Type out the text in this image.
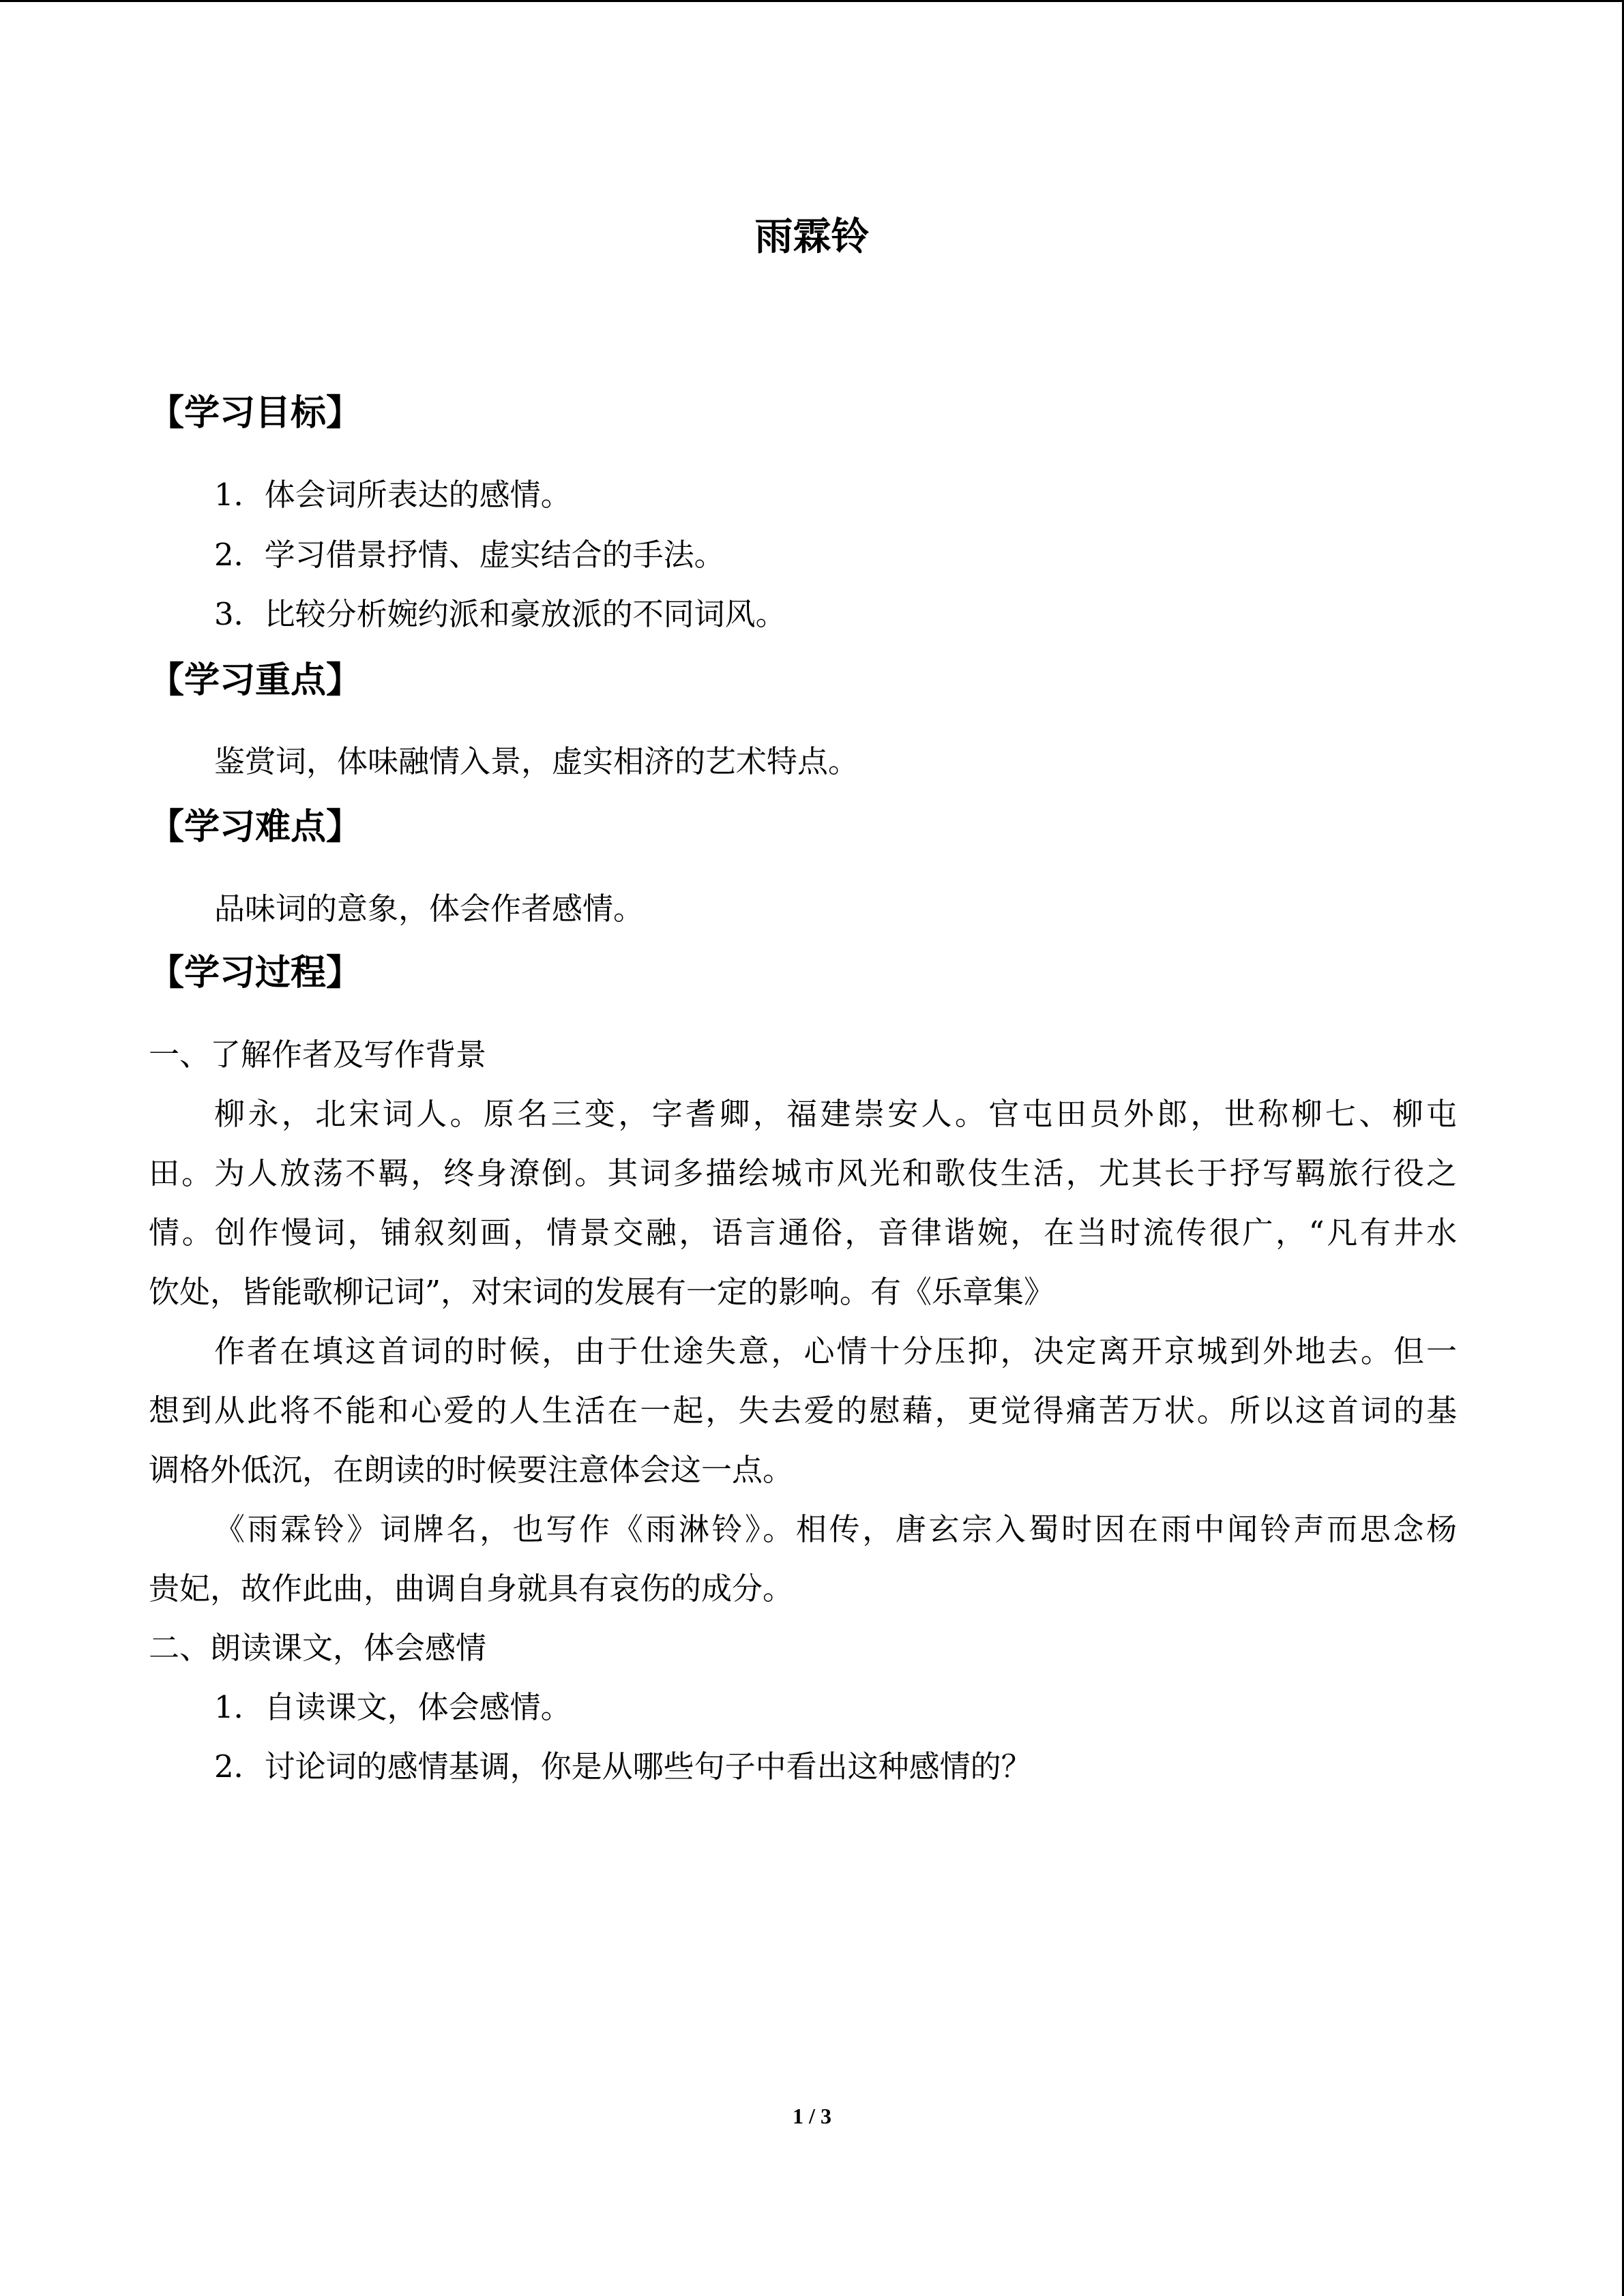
雨霖铃
【学习目标】
1．体会词所表达的感情。
2．学习借景抒情、虚实结合的手法。
3．比较分析婉约派和豪放派的不同词风。
【学习重点】
鉴赏词，体味融情入景，虚实相济的艺术特点。
【学习难点】
品味词的意象，体会作者感情。
【学习过程】
一、了解作者及写作背景
柳永，北宋词人。原名三变，字耆卿，福建崇安人。官屯田员外郎，世称柳七、柳屯
田。为人放荡不羁，终身潦倒。其词多描绘城市风光和歌伎生活，尤其长于抒写羁旅行役之
情。创作慢词，铺叙刻画，情景交融，语言通俗，音律谐婉，在当时流传很广，“凡有井水
饮处，皆能歌柳记词”，对宋词的发展有一定的影响。有《乐章集》
作者在填这首词的时候，由于仕途失意，心情十分压抑，决定离开京城到外地去。但一
想到从此将不能和心爱的人生活在一起，失去爱的慰藉，更觉得痛苦万状。所以这首词的基
调格外低沉，在朗读的时候要注意体会这一点。
《雨霖铃》词牌名，也写作《雨淋铃》。相传，唐玄宗入蜀时因在雨中闻铃声而思念杨
贵妃，故作此曲，曲调自身就具有哀伤的成分。
二、朗读课文，体会感情
1．自读课文，体会感情。
2．讨论词的感情基调，你是从哪些句子中看出这种感情的？
1 / 3
